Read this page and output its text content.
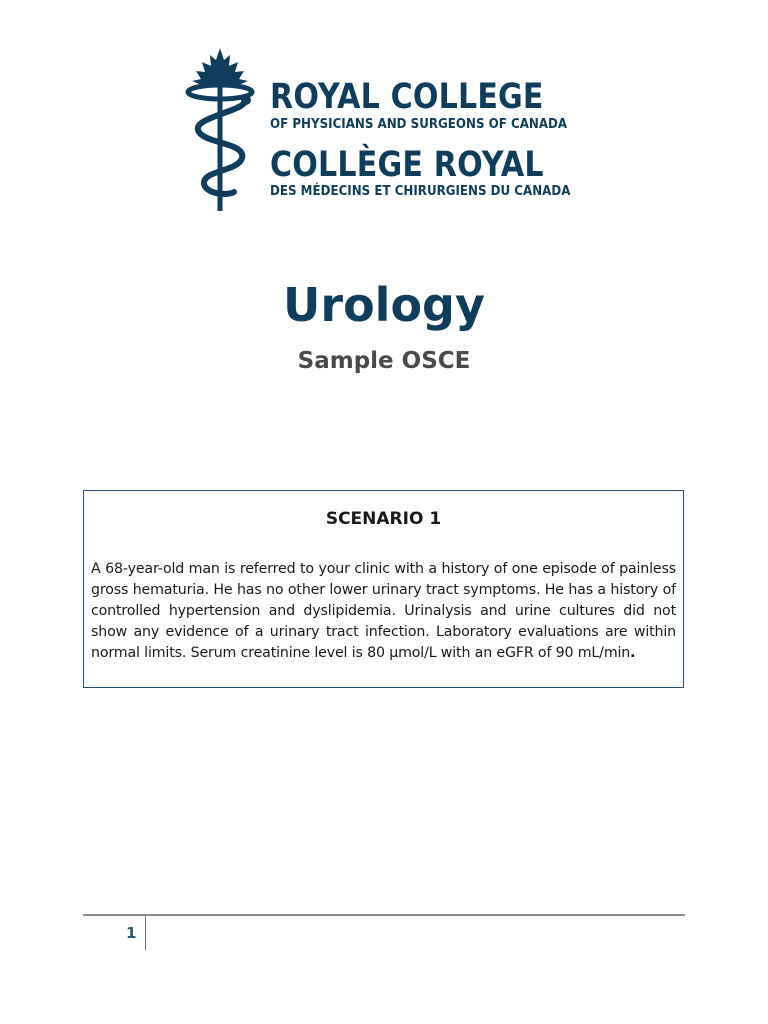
ROYAL COLLEGE
OF PHYSICIANS AND SURGEONS OF CANADA
COLLÈGE ROYAL
DES MÉDECINS ET CHIRURGIENS DU CANADA
Urology
Sample OSCE
SCENARIO 1

A 68-year-old man is referred to your clinic with a history of one episode of painless gross hematuria. He has no other lower urinary tract symptoms. He has a history of controlled hypertension and dyslipidemia. Urinalysis and urine cultures did not show any evidence of a urinary tract infection. Laboratory evaluations are within normal limits. Serum creatinine level is 80 µmol/L with an eGFR of 90 mL/min.

1
